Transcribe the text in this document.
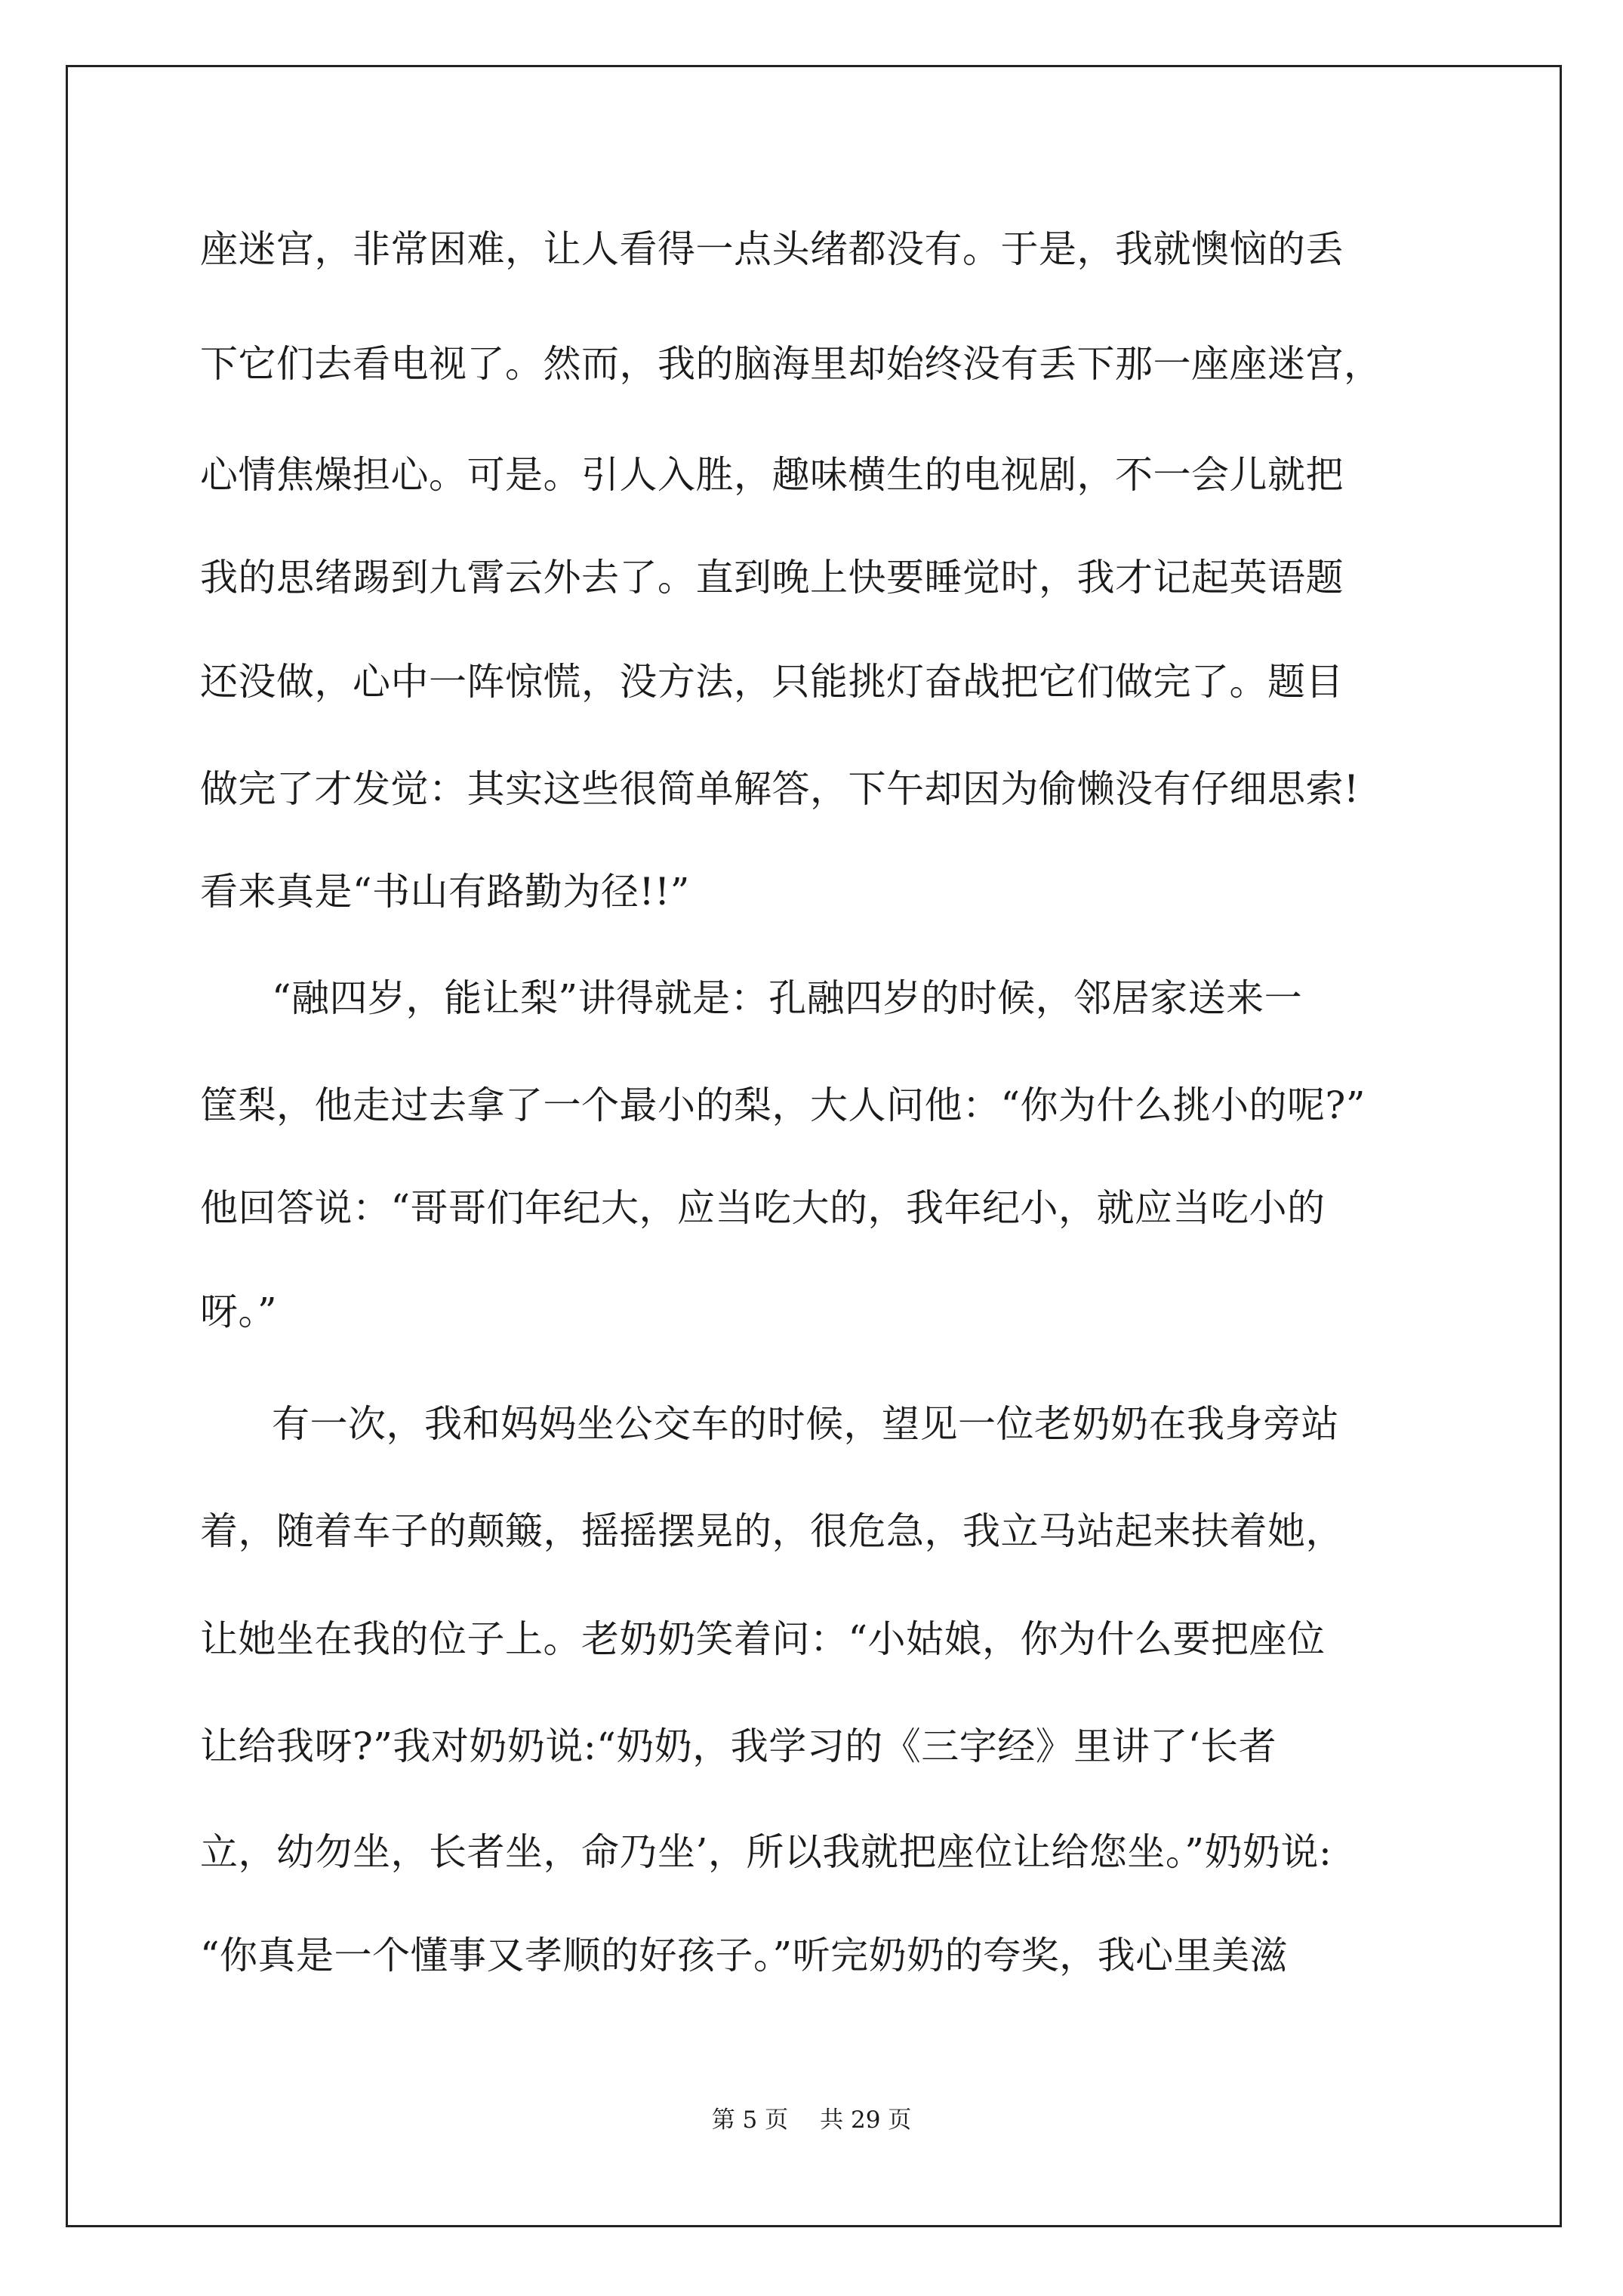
座迷宫，非常困难，让人看得一点头绪都没有。于是，我就懊恼的丢
下它们去看电视了。然而，我的脑海里却始终没有丢下那一座座迷宫，
心情焦燥担心。可是。引人入胜，趣味横生的电视剧，不一会儿就把
我的思绪踢到九霄云外去了。直到晚上快要睡觉时，我才记起英语题
还没做，心中一阵惊慌，没方法，只能挑灯奋战把它们做完了。题目
做完了才发觉：其实这些很简单解答，下午却因为偷懒没有仔细思索!
看来真是“书山有路勤为径!!”
“融四岁，能让梨”讲得就是：孔融四岁的时候，邻居家送来一
筐梨，他走过去拿了一个最小的梨，大人问他：“你为什么挑小的呢?”
他回答说：“哥哥们年纪大，应当吃大的，我年纪小，就应当吃小的
呀。”
有一次，我和妈妈坐公交车的时候，望见一位老奶奶在我身旁站
着，随着车子的颠簸，摇摇摆晃的，很危急，我立马站起来扶着她，
让她坐在我的位子上。老奶奶笑着问：“小姑娘，你为什么要把座位
让给我呀?”我对奶奶说:“奶奶，我学习的《三字经》里讲了‘长者
立，幼勿坐，长者坐，命乃坐’，所以我就把座位让给您坐。”奶奶说:
“你真是一个懂事又孝顺的好孩子。”听完奶奶的夸奖，我心里美滋
第 5 页 共 29 页
